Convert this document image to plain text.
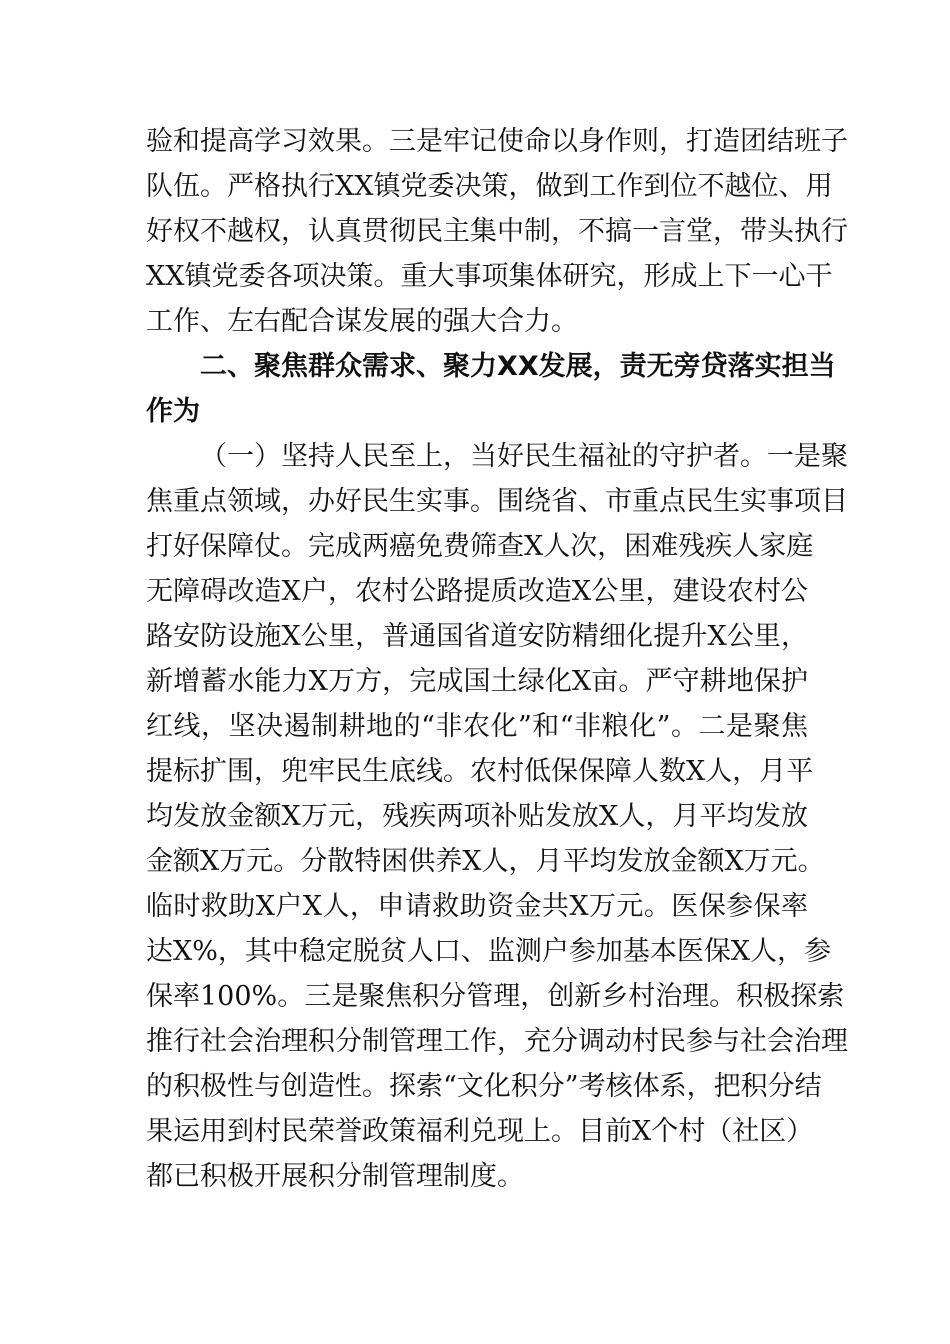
验和提高学习效果。三是牢记使命以身作则，打造团结班子
队伍。严格执行XX镇党委决策，做到工作到位不越位、用
好权不越权，认真贯彻民主集中制，不搞一言堂，带头执行
XX镇党委各项决策。重大事项集体研究，形成上下一心干
工作、左右配合谋发展的强大合力。
二、聚焦群众需求、聚力XX发展，责无旁贷落实担当
作为
（一）坚持人民至上，当好民生福祉的守护者。一是聚
焦重点领域，办好民生实事。围绕省、市重点民生实事项目
打好保障仗。完成两癌免费筛查X人次，困难残疾人家庭
无障碍改造X户，农村公路提质改造X公里，建设农村公
路安防设施X公里，普通国省道安防精细化提升X公里，
新增蓄水能力X万方，完成国土绿化X亩。严守耕地保护
红线，坚决遏制耕地的“非农化”和“非粮化”。二是聚焦
提标扩围，兜牢民生底线。农村低保保障人数X人，月平
均发放金额X万元，残疾两项补贴发放X人，月平均发放
金额X万元。分散特困供养X人，月平均发放金额X万元。
临时救助X户X人，申请救助资金共X万元。医保参保率
达X%，其中稳定脱贫人口、监测户参加基本医保X人，参
保率100%。三是聚焦积分管理，创新乡村治理。积极探索
推行社会治理积分制管理工作，充分调动村民参与社会治理
的积极性与创造性。探索“文化积分”考核体系，把积分结
果运用到村民荣誉政策福利兑现上。目前X个村（社区）
都已积极开展积分制管理制度。
